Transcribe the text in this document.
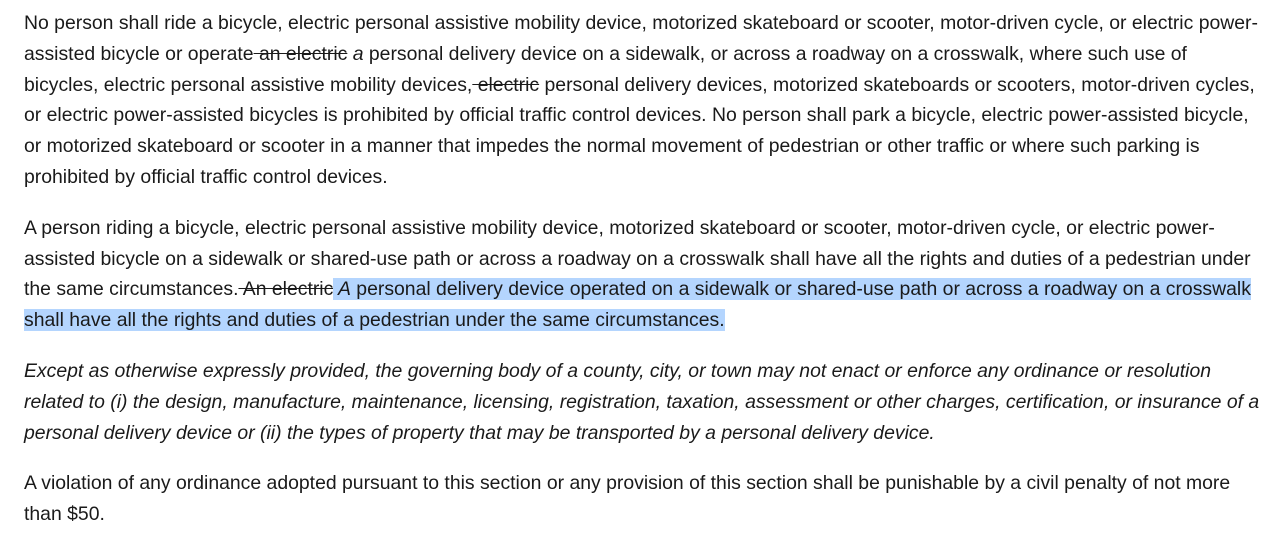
No person shall ride a bicycle, electric personal assistive mobility device, motorized skateboard or scooter, motor-driven cycle, or electric power-assisted bicycle or operate an electric a personal delivery device on a sidewalk, or across a roadway on a crosswalk, where such use of bicycles, electric personal assistive mobility devices, electric personal delivery devices, motorized skateboards or scooters, motor-driven cycles, or electric power-assisted bicycles is prohibited by official traffic control devices. No person shall park a bicycle, electric power-assisted bicycle, or motorized skateboard or scooter in a manner that impedes the normal movement of pedestrian or other traffic or where such parking is prohibited by official traffic control devices.

A person riding a bicycle, electric personal assistive mobility device, motorized skateboard or scooter, motor-driven cycle, or electric power-assisted bicycle on a sidewalk or shared-use path or across a roadway on a crosswalk shall have all the rights and duties of a pedestrian under the same circumstances. An electric A personal delivery device operated on a sidewalk or shared-use path or across a roadway on a crosswalk shall have all the rights and duties of a pedestrian under the same circumstances.

Except as otherwise expressly provided, the governing body of a county, city, or town may not enact or enforce any ordinance or resolution related to (i) the design, manufacture, maintenance, licensing, registration, taxation, assessment or other charges, certification, or insurance of a personal delivery device or (ii) the types of property that may be transported by a personal delivery device.

A violation of any ordinance adopted pursuant to this section or any provision of this section shall be punishable by a civil penalty of not more than $50.
